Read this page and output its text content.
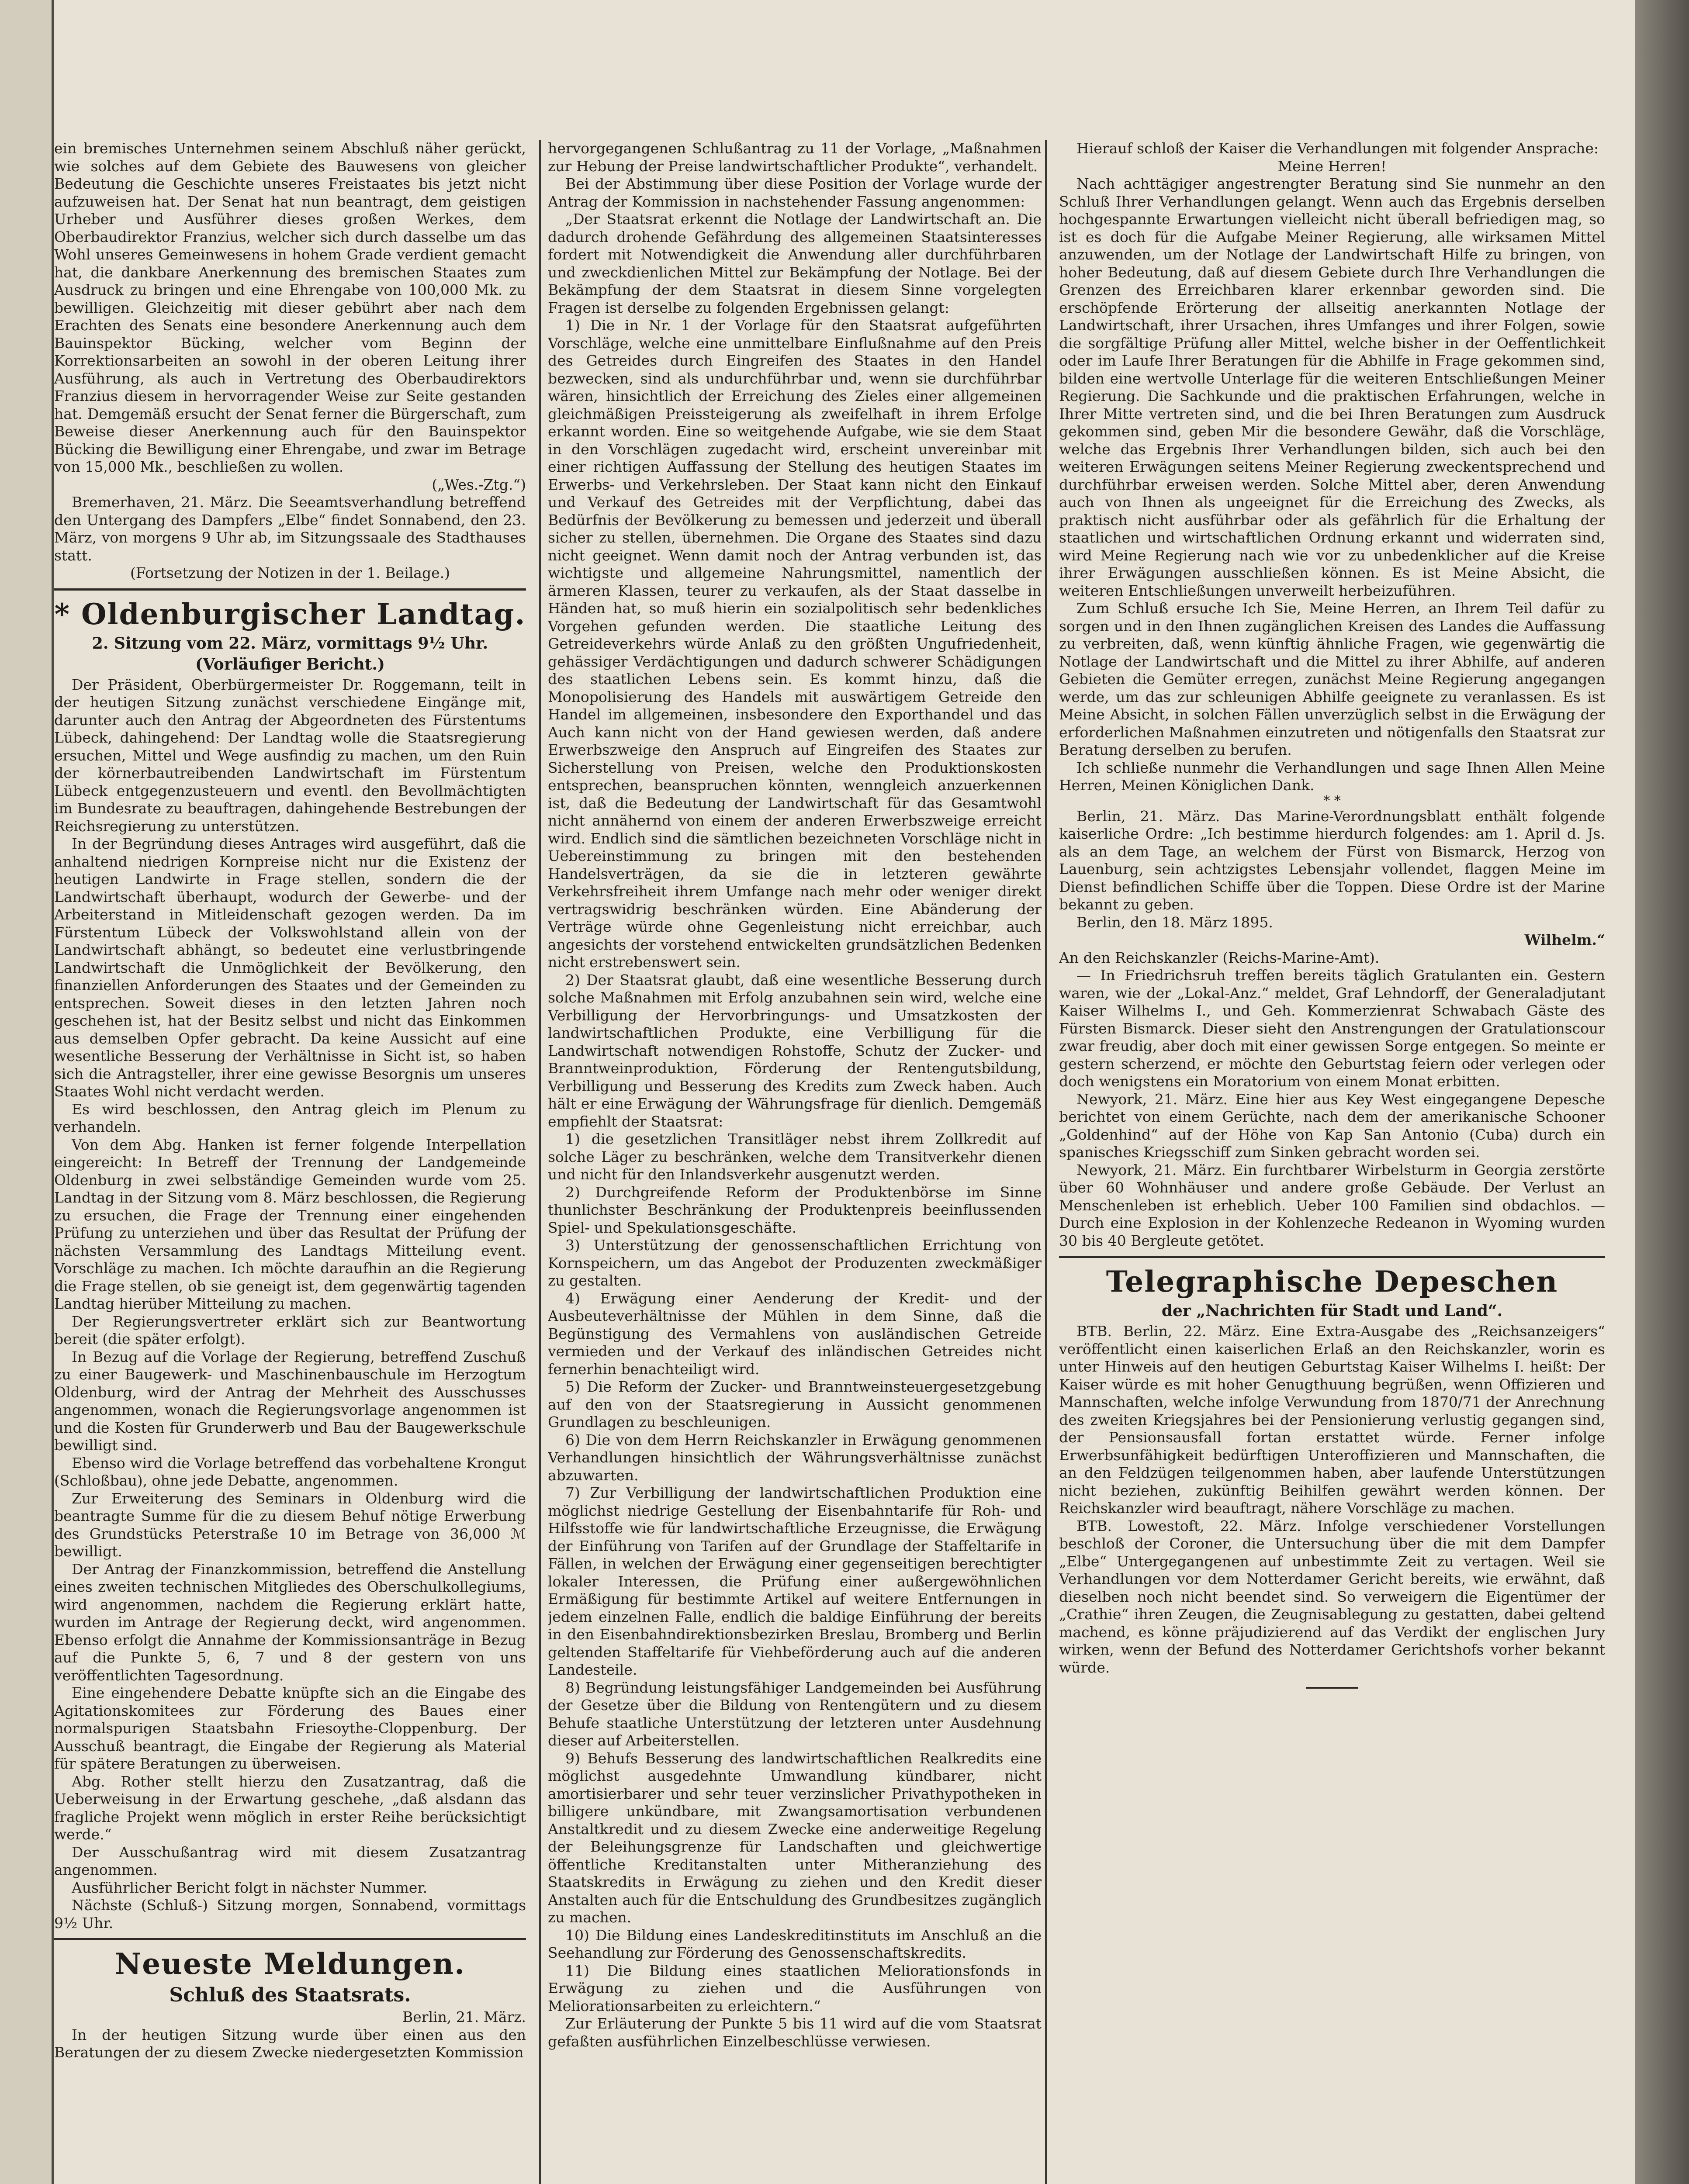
ein bremisches Unternehmen seinem Abschluß näher gerückt, wie solches auf dem Gebiete des Bauwesens von gleicher Bedeutung die Geschichte unseres Freistaates bis jetzt nicht aufzuweisen hat. Der Senat hat nun beantragt, dem geistigen Urheber und Ausführer dieses großen Werkes, dem Oberbaudirektor Franzius, welcher sich durch dasselbe um das Wohl unseres Gemeinwesens in hohem Grade verdient gemacht hat, die dankbare Anerkennung des bremischen Staates zum Ausdruck zu bringen und eine Ehrengabe von 100,000 Mk. zu bewilligen. Gleichzeitig mit dieser gebührt aber nach dem Erachten des Senats eine besondere Anerkennung auch dem Bauinspektor Bücking, welcher vom Beginn der Korrektionsarbeiten an sowohl in der oberen Leitung ihrer Ausführung, als auch in Vertretung des Oberbaudirektors Franzius diesem in hervorragender Weise zur Seite gestanden hat. Demgemäß ersucht der Senat ferner die Bürgerschaft, zum Beweise dieser Anerkennung auch für den Bauinspektor Bücking die Bewilligung einer Ehrengabe, und zwar im Betrage von 15,000 Mk., beschließen zu wollen.

(„Wes.-Ztg.“)

Bremerhaven, 21. März. Die Seeamtsverhandlung betreffend den Untergang des Dampfers „Elbe“ findet Sonnabend, den 23. März, von morgens 9 Uhr ab, im Sitzungssaale des Stadthauses statt.

(Fortsetzung der Notizen in der 1. Beilage.)
* Oldenburgischer Landtag.
2. Sitzung vom 22. März, vormittags 9½ Uhr.
(Vorläufiger Bericht.)

Der Präsident, Oberbürgermeister Dr. Roggemann, teilt in der heutigen Sitzung zunächst verschiedene Eingänge mit, darunter auch den Antrag der Abgeordneten des Fürstentums Lübeck, dahingehend: Der Landtag wolle die Staatsregierung ersuchen, Mittel und Wege ausfindig zu machen, um den Ruin der körnerbautreibenden Landwirtschaft im Fürstentum Lübeck entgegenzusteuern und eventl. den Bevollmächtigten im Bundesrate zu beauftragen, dahingehende Bestrebungen der Reichsregierung zu unterstützen.

In der Begründung dieses Antrages wird ausgeführt, daß die anhaltend niedrigen Kornpreise nicht nur die Existenz der heutigen Landwirte in Frage stellen, sondern die der Landwirtschaft überhaupt, wodurch der Gewerbe- und der Arbeiterstand in Mitleidenschaft gezogen werden. Da im Fürstentum Lübeck der Volkswohlstand allein von der Landwirtschaft abhängt, so bedeutet eine verlustbringende Landwirtschaft die Unmöglichkeit der Bevölkerung, den finanziellen Anforderungen des Staates und der Gemeinden zu entsprechen. Soweit dieses in den letzten Jahren noch geschehen ist, hat der Besitz selbst und nicht das Einkommen aus demselben Opfer gebracht. Da keine Aussicht auf eine wesentliche Besserung der Verhältnisse in Sicht ist, so haben sich die Antragsteller, ihrer eine gewisse Besorgnis um unseres Staates Wohl nicht verdacht werden.

Es wird beschlossen, den Antrag gleich im Plenum zu verhandeln.

Von dem Abg. Hanken ist ferner folgende Interpellation eingereicht: In Betreff der Trennung der Landgemeinde Oldenburg in zwei selbständige Gemeinden wurde vom 25. Landtag in der Sitzung vom 8. März beschlossen, die Regierung zu ersuchen, die Frage der Trennung einer eingehenden Prüfung zu unterziehen und über das Resultat der Prüfung der nächsten Versammlung des Landtags Mitteilung event. Vorschläge zu machen. Ich möchte daraufhin an die Regierung die Frage stellen, ob sie geneigt ist, dem gegenwärtig tagenden Landtag hierüber Mitteilung zu machen.

Der Regierungsvertreter erklärt sich zur Beantwortung bereit (die später erfolgt).

In Bezug auf die Vorlage der Regierung, betreffend Zuschuß zu einer Baugewerk- und Maschinenbauschule im Herzogtum Oldenburg, wird der Antrag der Mehrheit des Ausschusses angenommen, wonach die Regierungsvorlage angenommen ist und die Kosten für Grunderwerb und Bau der Baugewerkschule bewilligt sind.

Ebenso wird die Vorlage betreffend das vorbehaltene Krongut (Schloßbau), ohne jede Debatte, angenommen.

Zur Erweiterung des Seminars in Oldenburg wird die beantragte Summe für die zu diesem Behuf nötige Erwerbung des Grundstücks Peterstraße 10 im Betrage von 36,000 ℳ bewilligt.

Der Antrag der Finanzkommission, betreffend die Anstellung eines zweiten technischen Mitgliedes des Oberschulkollegiums, wird angenommen, nachdem die Regierung erklärt hatte, wurden im Antrage der Regierung deckt, wird angenommen. Ebenso erfolgt die Annahme der Kommissionsanträge in Bezug auf die Punkte 5, 6, 7 und 8 der gestern von uns veröffentlichten Tagesordnung.

Eine eingehendere Debatte knüpfte sich an die Eingabe des Agitationskomitees zur Förderung des Baues einer normalspurigen Staatsbahn Friesoythe-Cloppenburg. Der Ausschuß beantragt, die Eingabe der Regierung als Material für spätere Beratungen zu überweisen.

Abg. Rother stellt hierzu den Zusatzantrag, daß die Ueberweisung in der Erwartung geschehe, „daß alsdann das fragliche Projekt wenn möglich in erster Reihe berücksichtigt werde.“

Der Ausschußantrag wird mit diesem Zusatzantrag angenommen.

Ausführlicher Bericht folgt in nächster Nummer.

Nächste (Schluß-) Sitzung morgen, Sonnabend, vormittags 9½ Uhr.

Neueste Meldungen.
Schluß des Staatsrats.
Berlin, 21. März.

In der heutigen Sitzung wurde über einen aus den Beratungen der zu diesem Zwecke niedergesetzten Kommission

hervorgegangenen Schlußantrag zu 11 der Vorlage, „Maßnahmen zur Hebung der Preise landwirtschaftlicher Produkte“, verhandelt.

Bei der Abstimmung über diese Position der Vorlage wurde der Antrag der Kommission in nachstehender Fassung angenommen:

„Der Staatsrat erkennt die Notlage der Landwirtschaft an. Die dadurch drohende Gefährdung des allgemeinen Staatsinteresses fordert mit Notwendigkeit die Anwendung aller durchführbaren und zweckdienlichen Mittel zur Bekämpfung der Notlage. Bei der Bekämpfung der dem Staatsrat in diesem Sinne vorgelegten Fragen ist derselbe zu folgenden Ergebnissen gelangt:

1) Die in Nr. 1 der Vorlage für den Staatsrat aufgeführten Vorschläge, welche eine unmittelbare Einflußnahme auf den Preis des Getreides durch Eingreifen des Staates in den Handel bezwecken, sind als undurchführbar und, wenn sie durchführbar wären, hinsichtlich der Erreichung des Zieles einer allgemeinen gleichmäßigen Preissteigerung als zweifelhaft in ihrem Erfolge erkannt worden. Eine so weitgehende Aufgabe, wie sie dem Staat in den Vorschlägen zugedacht wird, erscheint unvereinbar mit einer richtigen Auffassung der Stellung des heutigen Staates im Erwerbs- und Verkehrsleben. Der Staat kann nicht den Einkauf und Verkauf des Getreides mit der Verpflichtung, dabei das Bedürfnis der Bevölkerung zu bemessen und jederzeit und überall sicher zu stellen, übernehmen. Die Organe des Staates sind dazu nicht geeignet. Wenn damit noch der Antrag verbunden ist, das wichtigste und allgemeine Nahrungsmittel, namentlich der ärmeren Klassen, teurer zu verkaufen, als der Staat dasselbe in Händen hat, so muß hierin ein sozialpolitisch sehr bedenkliches Vorgehen gefunden werden. Die staatliche Leitung des Getreideverkehrs würde Anlaß zu den größten Ungufriedenheit, gehässiger Verdächtigungen und dadurch schwerer Schädigungen des staatlichen Lebens sein. Es kommt hinzu, daß die Monopolisierung des Handels mit auswärtigem Getreide den Handel im allgemeinen, insbesondere den Exporthandel und das Auch kann nicht von der Hand gewiesen werden, daß andere Erwerbszweige den Anspruch auf Eingreifen des Staates zur Sicherstellung von Preisen, welche den Produktionskosten entsprechen, beanspruchen könnten, wenngleich anzuerkennen ist, daß die Bedeutung der Landwirtschaft für das Gesamtwohl nicht annähernd von einem der anderen Erwerbszweige erreicht wird. Endlich sind die sämtlichen bezeichneten Vorschläge nicht in Uebereinstimmung zu bringen mit den bestehenden Handelsverträgen, da sie die in letzteren gewährte Verkehrsfreiheit ihrem Umfange nach mehr oder weniger direkt vertragswidrig beschränken würden. Eine Abänderung der Verträge würde ohne Gegenleistung nicht erreichbar, auch angesichts der vorstehend entwickelten grundsätzlichen Bedenken nicht erstrebenswert sein.

2) Der Staatsrat glaubt, daß eine wesentliche Besserung durch solche Maßnahmen mit Erfolg anzubahnen sein wird, welche eine Verbilligung der Hervorbringungs- und Umsatzkosten der landwirtschaftlichen Produkte, eine Verbilligung für die Landwirtschaft notwendigen Rohstoffe, Schutz der Zucker- und Branntweinproduktion, Förderung der Rentengutsbildung, Verbilligung und Besserung des Kredits zum Zweck haben. Auch hält er eine Erwägung der Währungsfrage für dienlich. Demgemäß empfiehlt der Staatsrat:

1) die gesetzlichen Transitläger nebst ihrem Zollkredit auf solche Läger zu beschränken, welche dem Transitverkehr dienen und nicht für den Inlandsverkehr ausgenutzt werden.

2) Durchgreifende Reform der Produktenbörse im Sinne thunlichster Beschränkung der Produktenpreis beeinflussenden Spiel- und Spekulationsgeschäfte.

3) Unterstützung der genossenschaftlichen Errichtung von Kornspeichern, um das Angebot der Produzenten zweckmäßiger zu gestalten.

4) Erwägung einer Aenderung der Kredit- und der Ausbeuteverhältnisse der Mühlen in dem Sinne, daß die Begünstigung des Vermahlens von ausländischen Getreide vermieden und der Verkauf des inländischen Getreides nicht fernerhin benachteiligt wird.

5) Die Reform der Zucker- und Branntweinsteuergesetzgebung auf den von der Staatsregierung in Aussicht genommenen Grundlagen zu beschleunigen.

6) Die von dem Herrn Reichskanzler in Erwägung genommenen Verhandlungen hinsichtlich der Währungsverhältnisse zunächst abzuwarten.

7) Zur Verbilligung der landwirtschaftlichen Produktion eine möglichst niedrige Gestellung der Eisenbahntarife für Roh- und Hilfsstoffe wie für landwirtschaftliche Erzeugnisse, die Erwägung der Einführung von Tarifen auf der Grundlage der Staffeltarife in Fällen, in welchen der Erwägung einer gegenseitigen berechtigter lokaler Interessen, die Prüfung einer außergewöhnlichen Ermäßigung für bestimmte Artikel auf weitere Entfernungen in jedem einzelnen Falle, endlich die baldige Einführung der bereits in den Eisenbahndirektionsbezirken Breslau, Bromberg und Berlin geltenden Staffeltarife für Viehbeförderung auch auf die anderen Landesteile.

8) Begründung leistungsfähiger Landgemeinden bei Ausführung der Gesetze über die Bildung von Rentengütern und zu diesem Behufe staatliche Unterstützung der letzteren unter Ausdehnung dieser auf Arbeiterstellen.

9) Behufs Besserung des landwirtschaftlichen Realkredits eine möglichst ausgedehnte Umwandlung kündbarer, nicht amortisierbarer und sehr teuer verzinslicher Privathypotheken in billigere unkündbare, mit Zwangsamortisation verbundenen Anstaltkredit und zu diesem Zwecke eine anderweitige Regelung der Beleihungsgrenze für Landschaften und gleichwertige öffentliche Kreditanstalten unter Mitheranziehung des Staatskredits in Erwägung zu ziehen und den Kredit dieser Anstalten auch für die Entschuldung des Grundbesitzes zugänglich zu machen.

10) Die Bildung eines Landeskreditinstituts im Anschluß an die Seehandlung zur Förderung des Genossenschaftskredits.

11) Die Bildung eines staatlichen Meliorationsfonds in Erwägung zu ziehen und die Ausführungen von Meliorationsarbeiten zu erleichtern.“

Zur Erläuterung der Punkte 5 bis 11 wird auf die vom Staatsrat gefaßten ausführlichen Einzelbeschlüsse verwiesen.

Hierauf schloß der Kaiser die Verhandlungen mit folgender Ansprache:

Meine Herren!

Nach achttägiger angestrengter Beratung sind Sie nunmehr an den Schluß Ihrer Verhandlungen gelangt. Wenn auch das Ergebnis derselben hochgespannte Erwartungen vielleicht nicht überall befriedigen mag, so ist es doch für die Aufgabe Meiner Regierung, alle wirksamen Mittel anzuwenden, um der Notlage der Landwirtschaft Hilfe zu bringen, von hoher Bedeutung, daß auf diesem Gebiete durch Ihre Verhandlungen die Grenzen des Erreichbaren klarer erkennbar geworden sind. Die erschöpfende Erörterung der allseitig anerkannten Notlage der Landwirtschaft, ihrer Ursachen, ihres Umfanges und ihrer Folgen, sowie die sorgfältige Prüfung aller Mittel, welche bisher in der Oeffentlichkeit oder im Laufe Ihrer Beratungen für die Abhilfe in Frage gekommen sind, bilden eine wertvolle Unterlage für die weiteren Entschließungen Meiner Regierung. Die Sachkunde und die praktischen Erfahrungen, welche in Ihrer Mitte vertreten sind, und die bei Ihren Beratungen zum Ausdruck gekommen sind, geben Mir die besondere Gewähr, daß die Vorschläge, welche das Ergebnis Ihrer Verhandlungen bilden, sich auch bei den weiteren Erwägungen seitens Meiner Regierung zweckentsprechend und durchführbar erweisen werden. Solche Mittel aber, deren Anwendung auch von Ihnen als ungeeignet für die Erreichung des Zwecks, als praktisch nicht ausführbar oder als gefährlich für die Erhaltung der staatlichen und wirtschaftlichen Ordnung erkannt und widerraten sind, wird Meine Regierung nach wie vor zu unbedenklicher auf die Kreise ihrer Erwägungen ausschließen können. Es ist Meine Absicht, die weiteren Entschließungen unverweilt herbeizuführen.

Zum Schluß ersuche Ich Sie, Meine Herren, an Ihrem Teil dafür zu sorgen und in den Ihnen zugänglichen Kreisen des Landes die Auffassung zu verbreiten, daß, wenn künftig ähnliche Fragen, wie gegenwärtig die Notlage der Landwirtschaft und die Mittel zu ihrer Abhilfe, auf anderen Gebieten die Gemüter erregen, zunächst Meine Regierung angegangen werde, um das zur schleunigen Abhilfe geeignete zu veranlassen. Es ist Meine Absicht, in solchen Fällen unverzüglich selbst in die Erwägung der erforderlichen Maßnahmen einzutreten und nötigenfalls den Staatsrat zur Beratung derselben zu berufen.

Ich schließe nunmehr die Verhandlungen und sage Ihnen Allen Meine Herren, Meinen Königlichen Dank.

* *

Berlin, 21. März. Das Marine-Verordnungsblatt enthält folgende kaiserliche Ordre: „Ich bestimme hierdurch folgendes: am 1. April d. Js. als an dem Tage, an welchem der Fürst von Bismarck, Herzog von Lauenburg, sein achtzigstes Lebensjahr vollendet, flaggen Meine im Dienst befindlichen Schiffe über die Toppen. Diese Ordre ist der Marine bekannt zu geben.

Berlin, den 18. März 1895.

Wilhelm.“

An den Reichskanzler (Reichs-Marine-Amt).

— In Friedrichsruh treffen bereits täglich Gratulanten ein. Gestern waren, wie der „Lokal-Anz.“ meldet, Graf Lehndorff, der Generaladjutant Kaiser Wilhelms I., und Geh. Kommerzienrat Schwabach Gäste des Fürsten Bismarck. Dieser sieht den Anstrengungen der Gratulationscour zwar freudig, aber doch mit einer gewissen Sorge entgegen. So meinte er gestern scherzend, er möchte den Geburtstag feiern oder verlegen oder doch wenigstens ein Moratorium von einem Monat erbitten.

Newyork, 21. März. Eine hier aus Key West eingegangene Depesche berichtet von einem Gerüchte, nach dem der amerikanische Schooner „Goldenhind“ auf der Höhe von Kap San Antonio (Cuba) durch ein spanisches Kriegsschiff zum Sinken gebracht worden sei.

Newyork, 21. März. Ein furchtbarer Wirbelsturm in Georgia zerstörte über 60 Wohnhäuser und andere große Gebäude. Der Verlust an Menschenleben ist erheblich. Ueber 100 Familien sind obdachlos. — Durch eine Explosion in der Kohlenzeche Redeanon in Wyoming wurden 30 bis 40 Bergleute getötet.

Telegraphische Depeschen
der „Nachrichten für Stadt und Land“.

BTB. Berlin, 22. März. Eine Extra-Ausgabe des „Reichsanzeigers“ veröffentlicht einen kaiserlichen Erlaß an den Reichskanzler, worin es unter Hinweis auf den heutigen Geburtstag Kaiser Wilhelms I. heißt: Der Kaiser würde es mit hoher Genugthuung begrüßen, wenn Offizieren und Mannschaften, welche infolge Verwundung from 1870/71 der Anrechnung des zweiten Kriegsjahres bei der Pensionierung verlustig gegangen sind, der Pensionsausfall fortan erstattet würde. Ferner infolge Erwerbsunfähigkeit bedürftigen Unteroffizieren und Mannschaften, die an den Feldzügen teilgenommen haben, aber laufende Unterstützungen nicht beziehen, zukünftig Beihilfen gewährt werden können. Der Reichskanzler wird beauftragt, nähere Vorschläge zu machen.

BTB. Lowestoft, 22. März. Infolge verschiedener Vorstellungen beschloß der Coroner, die Untersuchung über die mit dem Dampfer „Elbe“ Untergegangenen auf unbestimmte Zeit zu vertagen. Weil sie Verhandlungen vor dem Notterdamer Gericht bereits, wie erwähnt, daß dieselben noch nicht beendet sind. So verweigern die Eigentümer der „Crathie“ ihren Zeugen, die Zeugnisablegung zu gestatten, dabei geltend machend, es könne präjudizierend auf das Verdikt der englischen Jury wirken, wenn der Befund des Notterdamer Gerichtshofs vorher bekannt würde.
